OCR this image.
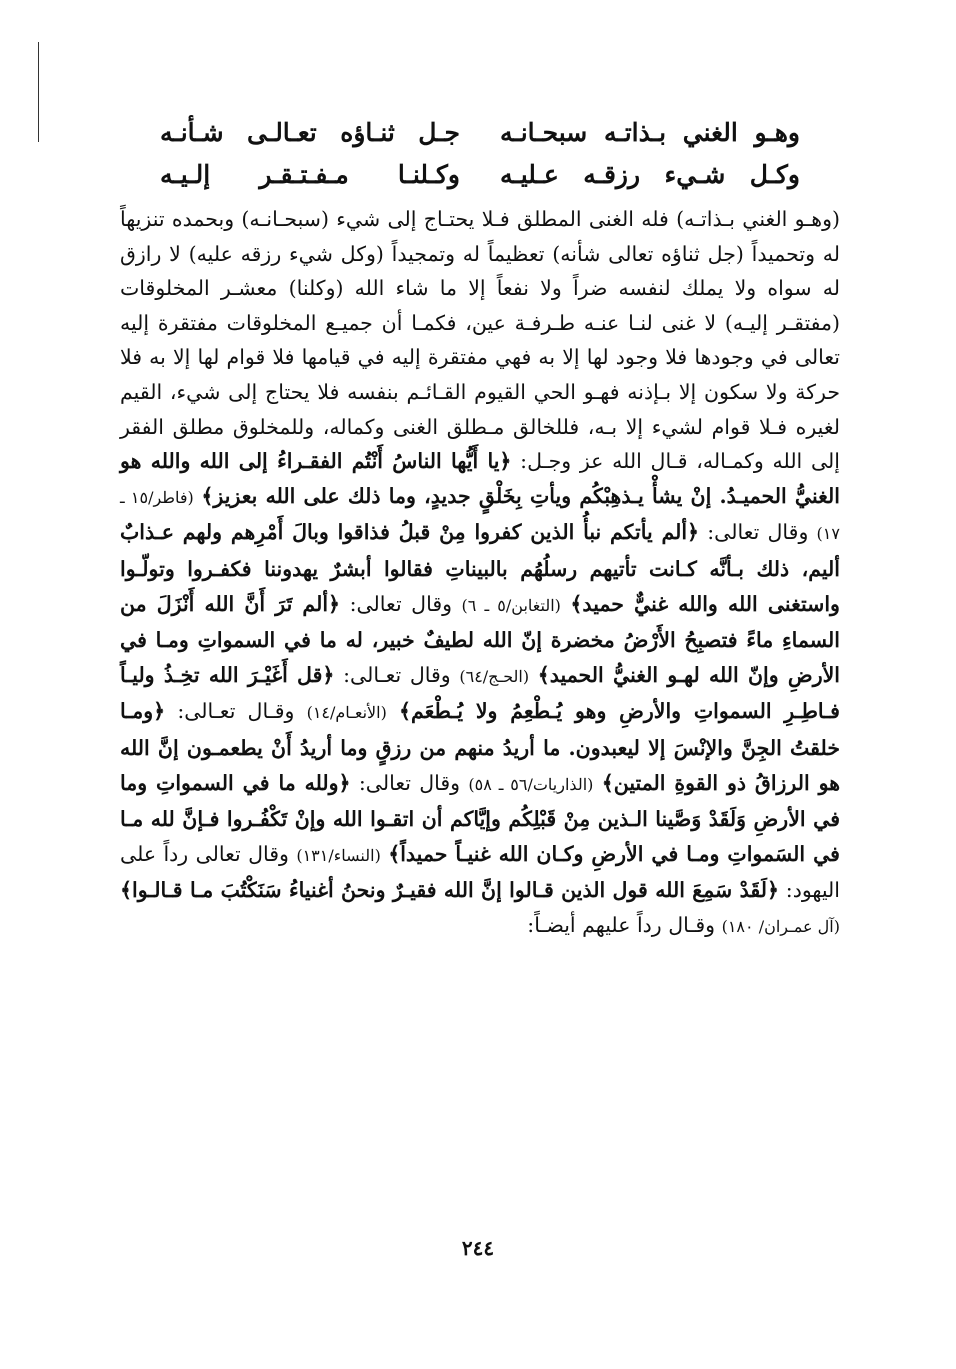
وهـو الغني بـذاتـه سبحـانـه
جـل ثنـاؤه تعـالـى شـأنـه
وكـل شـيء رزقـه عـليـه
وكـلنـا مـفـتـقـر إلـيـه

(وهـو الغني بـذاتـه) فله الغنى المطلق فـلا يحتـاج إلى شيء (سبحـانـه) وبحمده تنزيهاً له وتحميداً (جل ثناؤه تعالى شأنه) تعظيماً له وتمجيداً (وكل شيء رزقه عليه) لا رازق له سواه ولا يملك لنفسه ضراً ولا نفعاً إلا ما شاء الله (وكلنا) معشـر المخلوقات (مفتقـر إليـه) لا غنى لنـا عنـه طـرفـة عين، فكمـا أن جميـع المخلوقات مفتقرة إليه تعالى في وجودها فلا وجود لها إلا به فهي مفتقرة إليه في قيامها فلا قوام لها إلا به فلا حركة ولا سكون إلا بـإذنه فهـو الحي القيوم القـائـم بنفسه فلا يحتاج إلى شيء، القيم لغيره فـلا قوام لشيء إلا بـه، فللخالق مـطلق الغنى وكماله، وللمخلوق مطلق الفقر إلى الله وكمـاله، قـال الله عز وجـل: ﴿يا أَيُّها الناسُ أَنْتُم الفقـراءُ إلى الله والله هو الغنيُّ الحميـدُ. إنْ يشأْ يـذهِبْكُم ويأتِ بِخَلْقٍ جديدٍ، وما ذلك على الله بعزيز﴾ (فاطر/١٥ ـ ١٧) وقال تعالى: ﴿ألم يأتكم نبأُ الذين كفروا مِنْ قبلُ فذاقوا وبالَ أَمْرِهم ولهم عـذابٌ أليم، ذلك بـأنَّه كـانت تأتيهم رسلُهُم بالبيناتِ فقالوا أبشرٌ يهدوننا فكفـروا وتولّـوا واستغنى الله والله غنيٌّ حميد﴾ (التغابن/٥ ـ ٦) وقال تعالى: ﴿ألم تَرَ أَنَّ الله أَنْزَلَ من السماءِ ماءً فتصبِحُ الأَرْضُ مخضرة إنّ الله لطيفٌ خبير، له ما في السمواتِ ومـا في الأرضِ وإنّ الله لهـو الغنيُّ الحميد﴾ (الحـج/٦٤) وقال تعـالى: ﴿قل أَغَيْـرَ الله تخِـذُ وليـاً فـاطِـرِ السمواتِ والأرضِ وهو يُـطْعِمُ ولا يُـطْعَم﴾ (الأنعـام/١٤) وقـال تعـالى: ﴿ومـا خلقتُ الجِنَّ والإنْسَ إلا ليعبدون. ما أريدُ منهم من رزقٍ وما أريدُ أَنْ يطعمـون إنَّ الله هو الرزاقُ ذو القوةِ المتين﴾ (الذاريات/٥٦ ـ ٥٨) وقال تعالى: ﴿ولله ما في السمواتِ وما في الأرضِ وَلَقَدْ وَصَّينا الـذين مِنْ قَبْلِكُم وإيَّاكم أن اتقـوا الله وإنْ تَكْفُـروا فـإنَّ لله مـا في السَمواتِ ومـا في الأرضِ وكـان الله غنيـاً حميداً﴾ (النساء/١٣١) وقال تعالى رداً على اليهود: ﴿لَقَدْ سَمِعَ الله قول الذين قـالوا إنَّ الله فقيـرٌ ونحنُ أغنياءُ سَنَكْتُبَ مـا قـالـوا﴾ (آل عمـران/ ١٨٠) وقـال رداً عليهم أيضـاً:

٢٤٤
